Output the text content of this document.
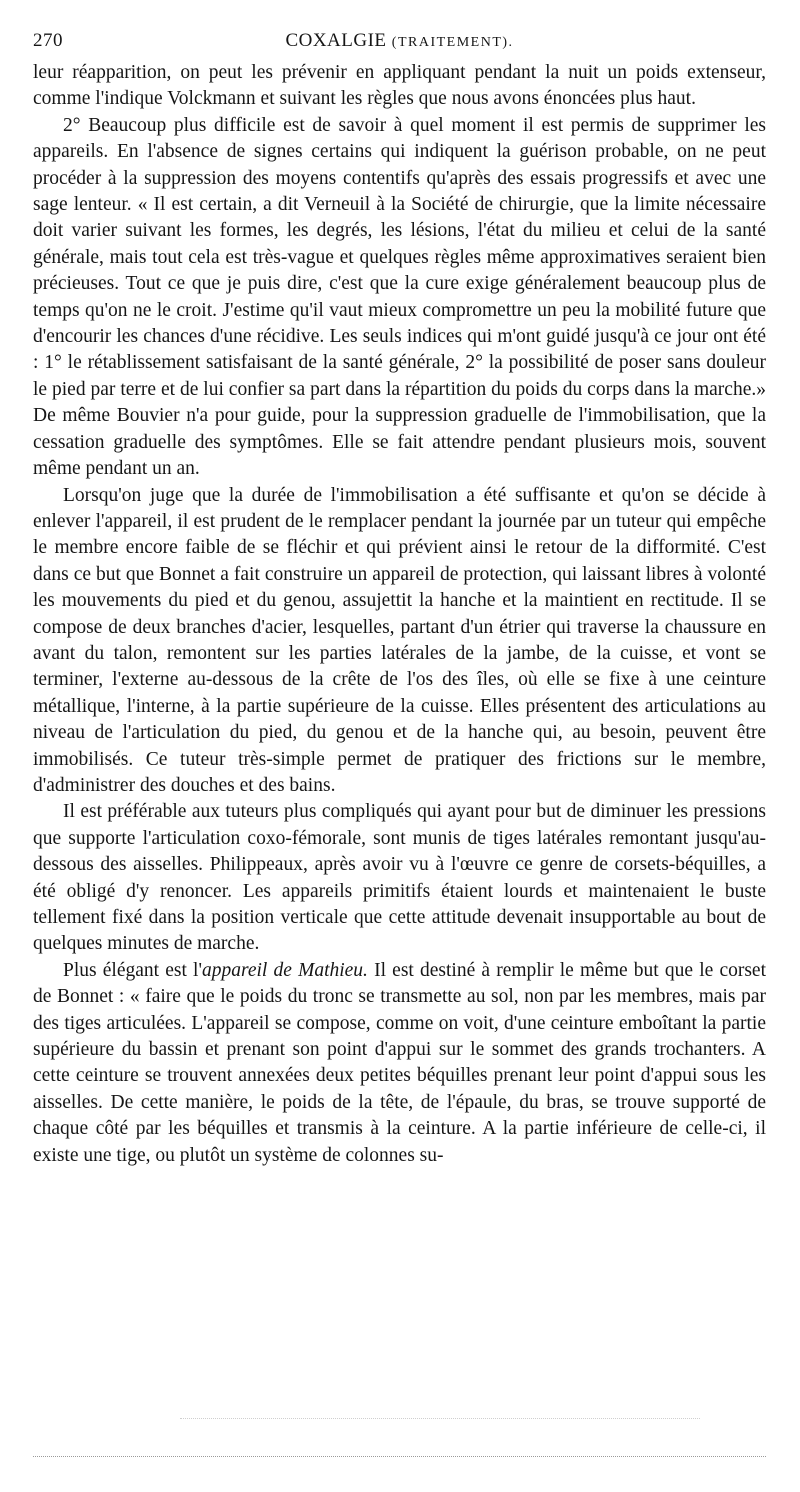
270	COXALGIE (TRAITEMENT).

leur réapparition, on peut les prévenir en appliquant pendant la nuit un poids extenseur, comme l'indique Volckmann et suivant les règles que nous avons énoncées plus haut.

2° Beaucoup plus difficile est de savoir à quel moment il est permis de supprimer les appareils. En l'absence de signes certains qui indiquent la guérison probable, on ne peut procéder à la suppression des moyens contentifs qu'après des essais progressifs et avec une sage lenteur. « Il est certain, a dit Verneuil à la Société de chirurgie, que la limite nécessaire doit varier suivant les formes, les degrés, les lésions, l'état du milieu et celui de la santé générale, mais tout cela est très-vague et quelques règles même approximatives seraient bien précieuses. Tout ce que je puis dire, c'est que la cure exige généralement beaucoup plus de temps qu'on ne le croit. J'estime qu'il vaut mieux compromettre un peu la mobilité future que d'encourir les chances d'une récidive. Les seuls indices qui m'ont guidé jusqu'à ce jour ont été : 1° le rétablissement satisfaisant de la santé générale, 2° la possibilité de poser sans douleur le pied par terre et de lui confier sa part dans la répartition du poids du corps dans la marche.» De même Bouvier n'a pour guide, pour la suppression graduelle de l'immobilisation, que la cessation graduelle des symptômes. Elle se fait attendre pendant plusieurs mois, souvent même pendant un an.

Lorsqu'on juge que la durée de l'immobilisation a été suffisante et qu'on se décide à enlever l'appareil, il est prudent de le remplacer pendant la journée par un tuteur qui empêche le membre encore faible de se fléchir et qui prévient ainsi le retour de la difformité. C'est dans ce but que Bonnet a fait construire un appareil de protection, qui laissant libres à volonté les mouvements du pied et du genou, assujettit la hanche et la maintient en rectitude. Il se compose de deux branches d'acier, lesquelles, partant d'un étrier qui traverse la chaussure en avant du talon, remontent sur les parties latérales de la jambe, de la cuisse, et vont se terminer, l'externe au-dessous de la crête de l'os des îles, où elle se fixe à une ceinture métallique, l'interne, à la partie supérieure de la cuisse. Elles présentent des articulations au niveau de l'articulation du pied, du genou et de la hanche qui, au besoin, peuvent être immobilisés. Ce tuteur très-simple permet de pratiquer des frictions sur le membre, d'administrer des douches et des bains.

Il est préférable aux tuteurs plus compliqués qui ayant pour but de diminuer les pressions que supporte l'articulation coxo-fémorale, sont munis de tiges latérales remontant jusqu'au-dessous des aisselles. Philippeaux, après avoir vu à l'œuvre ce genre de corsets-béquilles, a été obligé d'y renoncer. Les appareils primitifs étaient lourds et maintenaient le buste tellement fixé dans la position verticale que cette attitude devenait insupportable au bout de quelques minutes de marche.

Plus élégant est l'appareil de Mathieu. Il est destiné à remplir le même but que le corset de Bonnet : « faire que le poids du tronc se transmette au sol, non par les membres, mais par des tiges articulées. L'appareil se compose, comme on voit, d'une ceinture emboîtant la partie supérieure du bassin et prenant son point d'appui sur le sommet des grands trochanters. A cette ceinture se trouvent annexées deux petites béquilles prenant leur point d'appui sous les aisselles. De cette manière, le poids de la tête, de l'épaule, du bras, se trouve supporté de chaque côté par les béquilles et transmis à la ceinture. A la partie inférieure de celle-ci, il existe une tige, ou plutôt un système de colonnes su-
